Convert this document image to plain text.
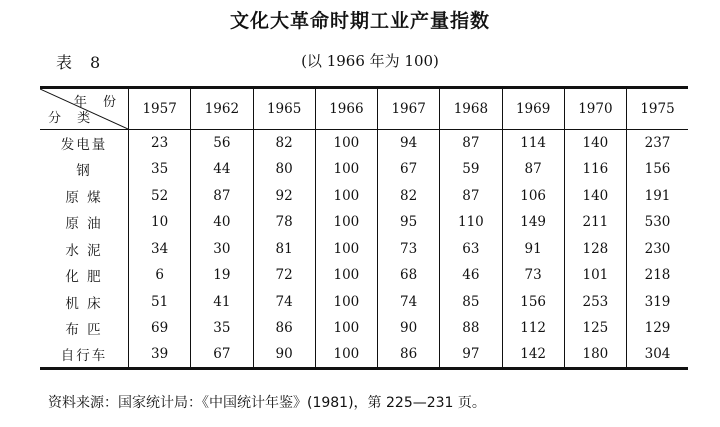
文化大革命时期工业产量指数
表 8	(以 1966 年为 100)
年 份
分 类	1957	1962	1965	1966	1967	1968	1969	1970	1975
发电量	23	56	82	100	94	87	114	140	237
钢	35	44	80	100	67	59	87	116	156
原 煤	52	87	92	100	82	87	106	140	191
原 油	10	40	78	100	95	110	149	211	530
水 泥	34	30	81	100	73	63	91	128	230
化 肥	6	19	72	100	68	46	73	101	218
机 床	51	41	74	100	74	85	156	253	319
布 匹	69	35	86	100	90	88	112	125	129
自行车	39	67	90	100	86	97	142	180	304
资料来源：国家统计局：《中国统计年鉴》(1981)，第 225—231 页。
